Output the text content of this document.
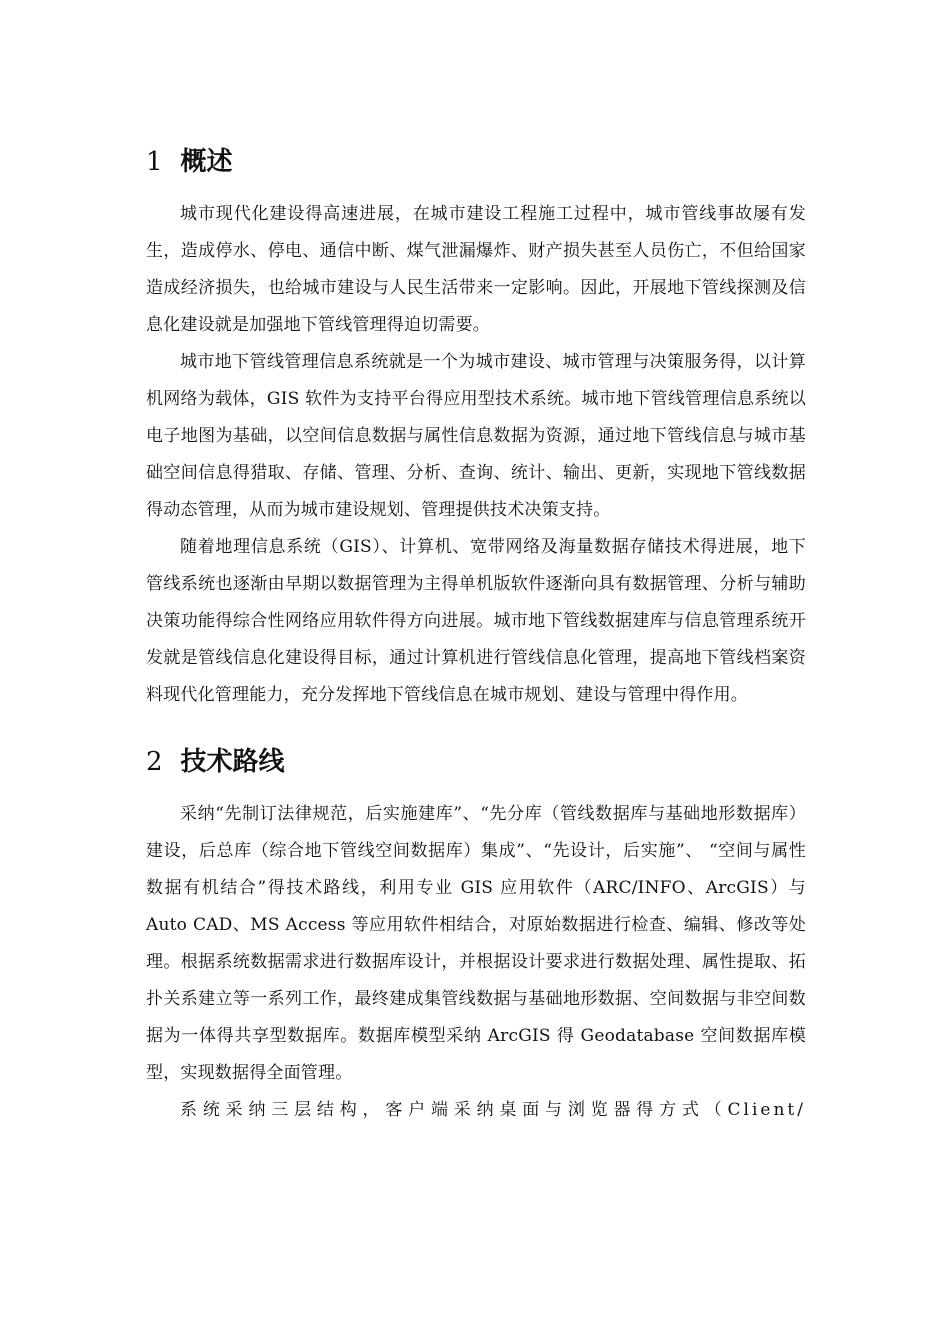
1 概述

城市现代化建设得高速进展，在城市建设工程施工过程中，城市管线事故屡有发生，造成停水、停电、通信中断、煤气泄漏爆炸、财产损失甚至人员伤亡，不但给国家造成经济损失，也给城市建设与人民生活带来一定影响。因此，开展地下管线探测及信息化建设就是加强地下管线管理得迫切需要。

城市地下管线管理信息系统就是一个为城市建设、城市管理与决策服务得，以计算机网络为载体，GIS 软件为支持平台得应用型技术系统。城市地下管线管理信息系统以电子地图为基础，以空间信息数据与属性信息数据为资源，通过地下管线信息与城市基础空间信息得猎取、存储、管理、分析、查询、统计、输出、更新，实现地下管线数据得动态管理，从而为城市建设规划、管理提供技术决策支持。

随着地理信息系统（GIS）、计算机、宽带网络及海量数据存储技术得进展，地下管线系统也逐渐由早期以数据管理为主得单机版软件逐渐向具有数据管理、分析与辅助决策功能得综合性网络应用软件得方向进展。城市地下管线数据建库与信息管理系统开发就是管线信息化建设得目标，通过计算机进行管线信息化管理，提高地下管线档案资料现代化管理能力，充分发挥地下管线信息在城市规划、建设与管理中得作用。

2 技术路线

采纳“先制订法律规范，后实施建库”、“先分库（管线数据库与基础地形数据库）建设，后总库（综合地下管线空间数据库）集成”、“先设计，后实施”、 “空间与属性数据有机结合”得技术路线，利用专业 GIS 应用软件（ARC/INFO、ArcGIS）与 Auto CAD、MS Access 等应用软件相结合，对原始数据进行检查、编辑、修改等处理。根据系统数据需求进行数据库设计，并根据设计要求进行数据处理、属性提取、拓扑关系建立等一系列工作，最终建成集管线数据与基础地形数据、空间数据与非空间数据为一体得共享型数据库。数据库模型采纳 ArcGIS 得 Geodatabase 空间数据库模型，实现数据得全面管理。

系统采纳三层结构，客户端采纳桌面与浏览器得方式（Client/
